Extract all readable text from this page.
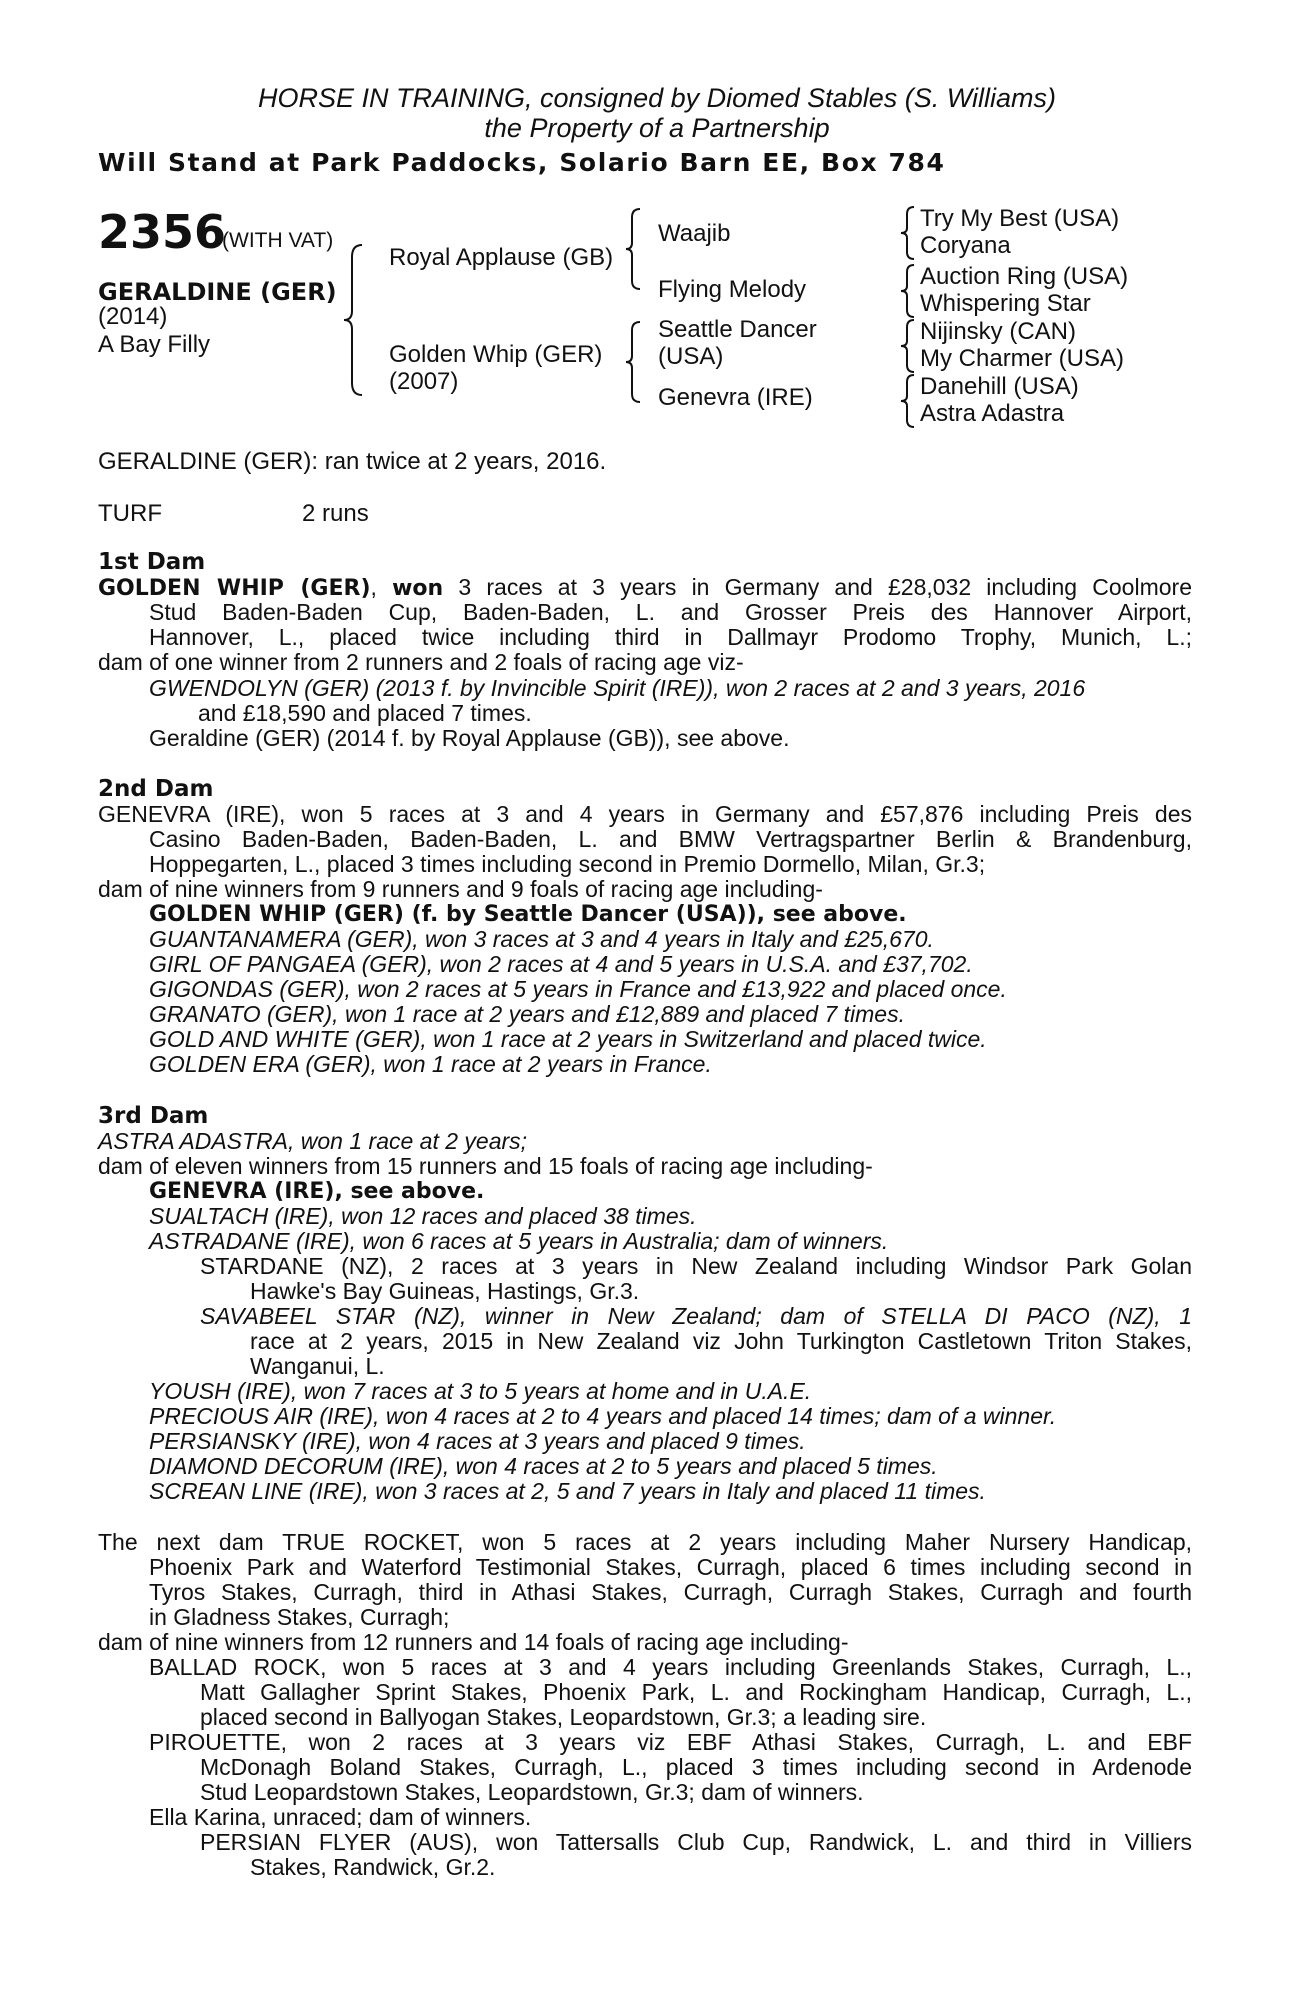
HORSE IN TRAINING, consigned by Diomed Stables (S. Williams)
the Property of a Partnership
Will Stand at Park Paddocks, Solario Barn EE, Box 784
2356
(WITH VAT)
GERALDINE (GER)
(2014)
A Bay Filly
Royal Applause (GB)
Golden Whip (GER)
(2007)
Waajib
Flying Melody
Seattle Dancer
(USA)
Genevra (IRE)
Try My Best (USA)
Coryana
Auction Ring (USA)
Whispering Star
Nijinsky (CAN)
My Charmer (USA)
Danehill (USA)
Astra Adastra
GERALDINE (GER): ran twice at 2 years, 2016.
TURF	2 runs
1st Dam
GOLDEN WHIP (GER), won 3 races at 3 years in Germany and £28,032 including Coolmore
Stud Baden-Baden Cup, Baden-Baden, L. and Grosser Preis des Hannover Airport,
Hannover, L., placed twice including third in Dallmayr Prodomo Trophy, Munich, L.;
dam of one winner from 2 runners and 2 foals of racing age viz-
GWENDOLYN (GER) (2013 f. by Invincible Spirit (IRE)), won 2 races at 2 and 3 years, 2016
and £18,590 and placed 7 times.
Geraldine (GER) (2014 f. by Royal Applause (GB)), see above.
2nd Dam
GENEVRA (IRE), won 5 races at 3 and 4 years in Germany and £57,876 including Preis des
Casino Baden-Baden, Baden-Baden, L. and BMW Vertragspartner Berlin & Brandenburg,
Hoppegarten, L., placed 3 times including second in Premio Dormello, Milan, Gr.3;
dam of nine winners from 9 runners and 9 foals of racing age including-
GOLDEN WHIP (GER) (f. by Seattle Dancer (USA)), see above.
GUANTANAMERA (GER), won 3 races at 3 and 4 years in Italy and £25,670.
GIRL OF PANGAEA (GER), won 2 races at 4 and 5 years in U.S.A. and £37,702.
GIGONDAS (GER), won 2 races at 5 years in France and £13,922 and placed once.
GRANATO (GER), won 1 race at 2 years and £12,889 and placed 7 times.
GOLD AND WHITE (GER), won 1 race at 2 years in Switzerland and placed twice.
GOLDEN ERA (GER), won 1 race at 2 years in France.
3rd Dam
ASTRA ADASTRA, won 1 race at 2 years;
dam of eleven winners from 15 runners and 15 foals of racing age including-
GENEVRA (IRE), see above.
SUALTACH (IRE), won 12 races and placed 38 times.
ASTRADANE (IRE), won 6 races at 5 years in Australia; dam of winners.
STARDANE (NZ), 2 races at 3 years in New Zealand including Windsor Park Golan
Hawke's Bay Guineas, Hastings, Gr.3.
SAVABEEL STAR (NZ), winner in New Zealand; dam of STELLA DI PACO (NZ), 1
race at 2 years, 2015 in New Zealand viz John Turkington Castletown Triton Stakes,
Wanganui, L.
YOUSH (IRE), won 7 races at 3 to 5 years at home and in U.A.E.
PRECIOUS AIR (IRE), won 4 races at 2 to 4 years and placed 14 times; dam of a winner.
PERSIANSKY (IRE), won 4 races at 3 years and placed 9 times.
DIAMOND DECORUM (IRE), won 4 races at 2 to 5 years and placed 5 times.
SCREAN LINE (IRE), won 3 races at 2, 5 and 7 years in Italy and placed 11 times.
The next dam TRUE ROCKET, won 5 races at 2 years including Maher Nursery Handicap,
Phoenix Park and Waterford Testimonial Stakes, Curragh, placed 6 times including second in
Tyros Stakes, Curragh, third in Athasi Stakes, Curragh, Curragh Stakes, Curragh and fourth
in Gladness Stakes, Curragh;
dam of nine winners from 12 runners and 14 foals of racing age including-
BALLAD ROCK, won 5 races at 3 and 4 years including Greenlands Stakes, Curragh, L.,
Matt Gallagher Sprint Stakes, Phoenix Park, L. and Rockingham Handicap, Curragh, L.,
placed second in Ballyogan Stakes, Leopardstown, Gr.3; a leading sire.
PIROUETTE, won 2 races at 3 years viz EBF Athasi Stakes, Curragh, L. and EBF
McDonagh Boland Stakes, Curragh, L., placed 3 times including second in Ardenode
Stud Leopardstown Stakes, Leopardstown, Gr.3; dam of winners.
Ella Karina, unraced; dam of winners.
PERSIAN FLYER (AUS), won Tattersalls Club Cup, Randwick, L. and third in Villiers
Stakes, Randwick, Gr.2.
